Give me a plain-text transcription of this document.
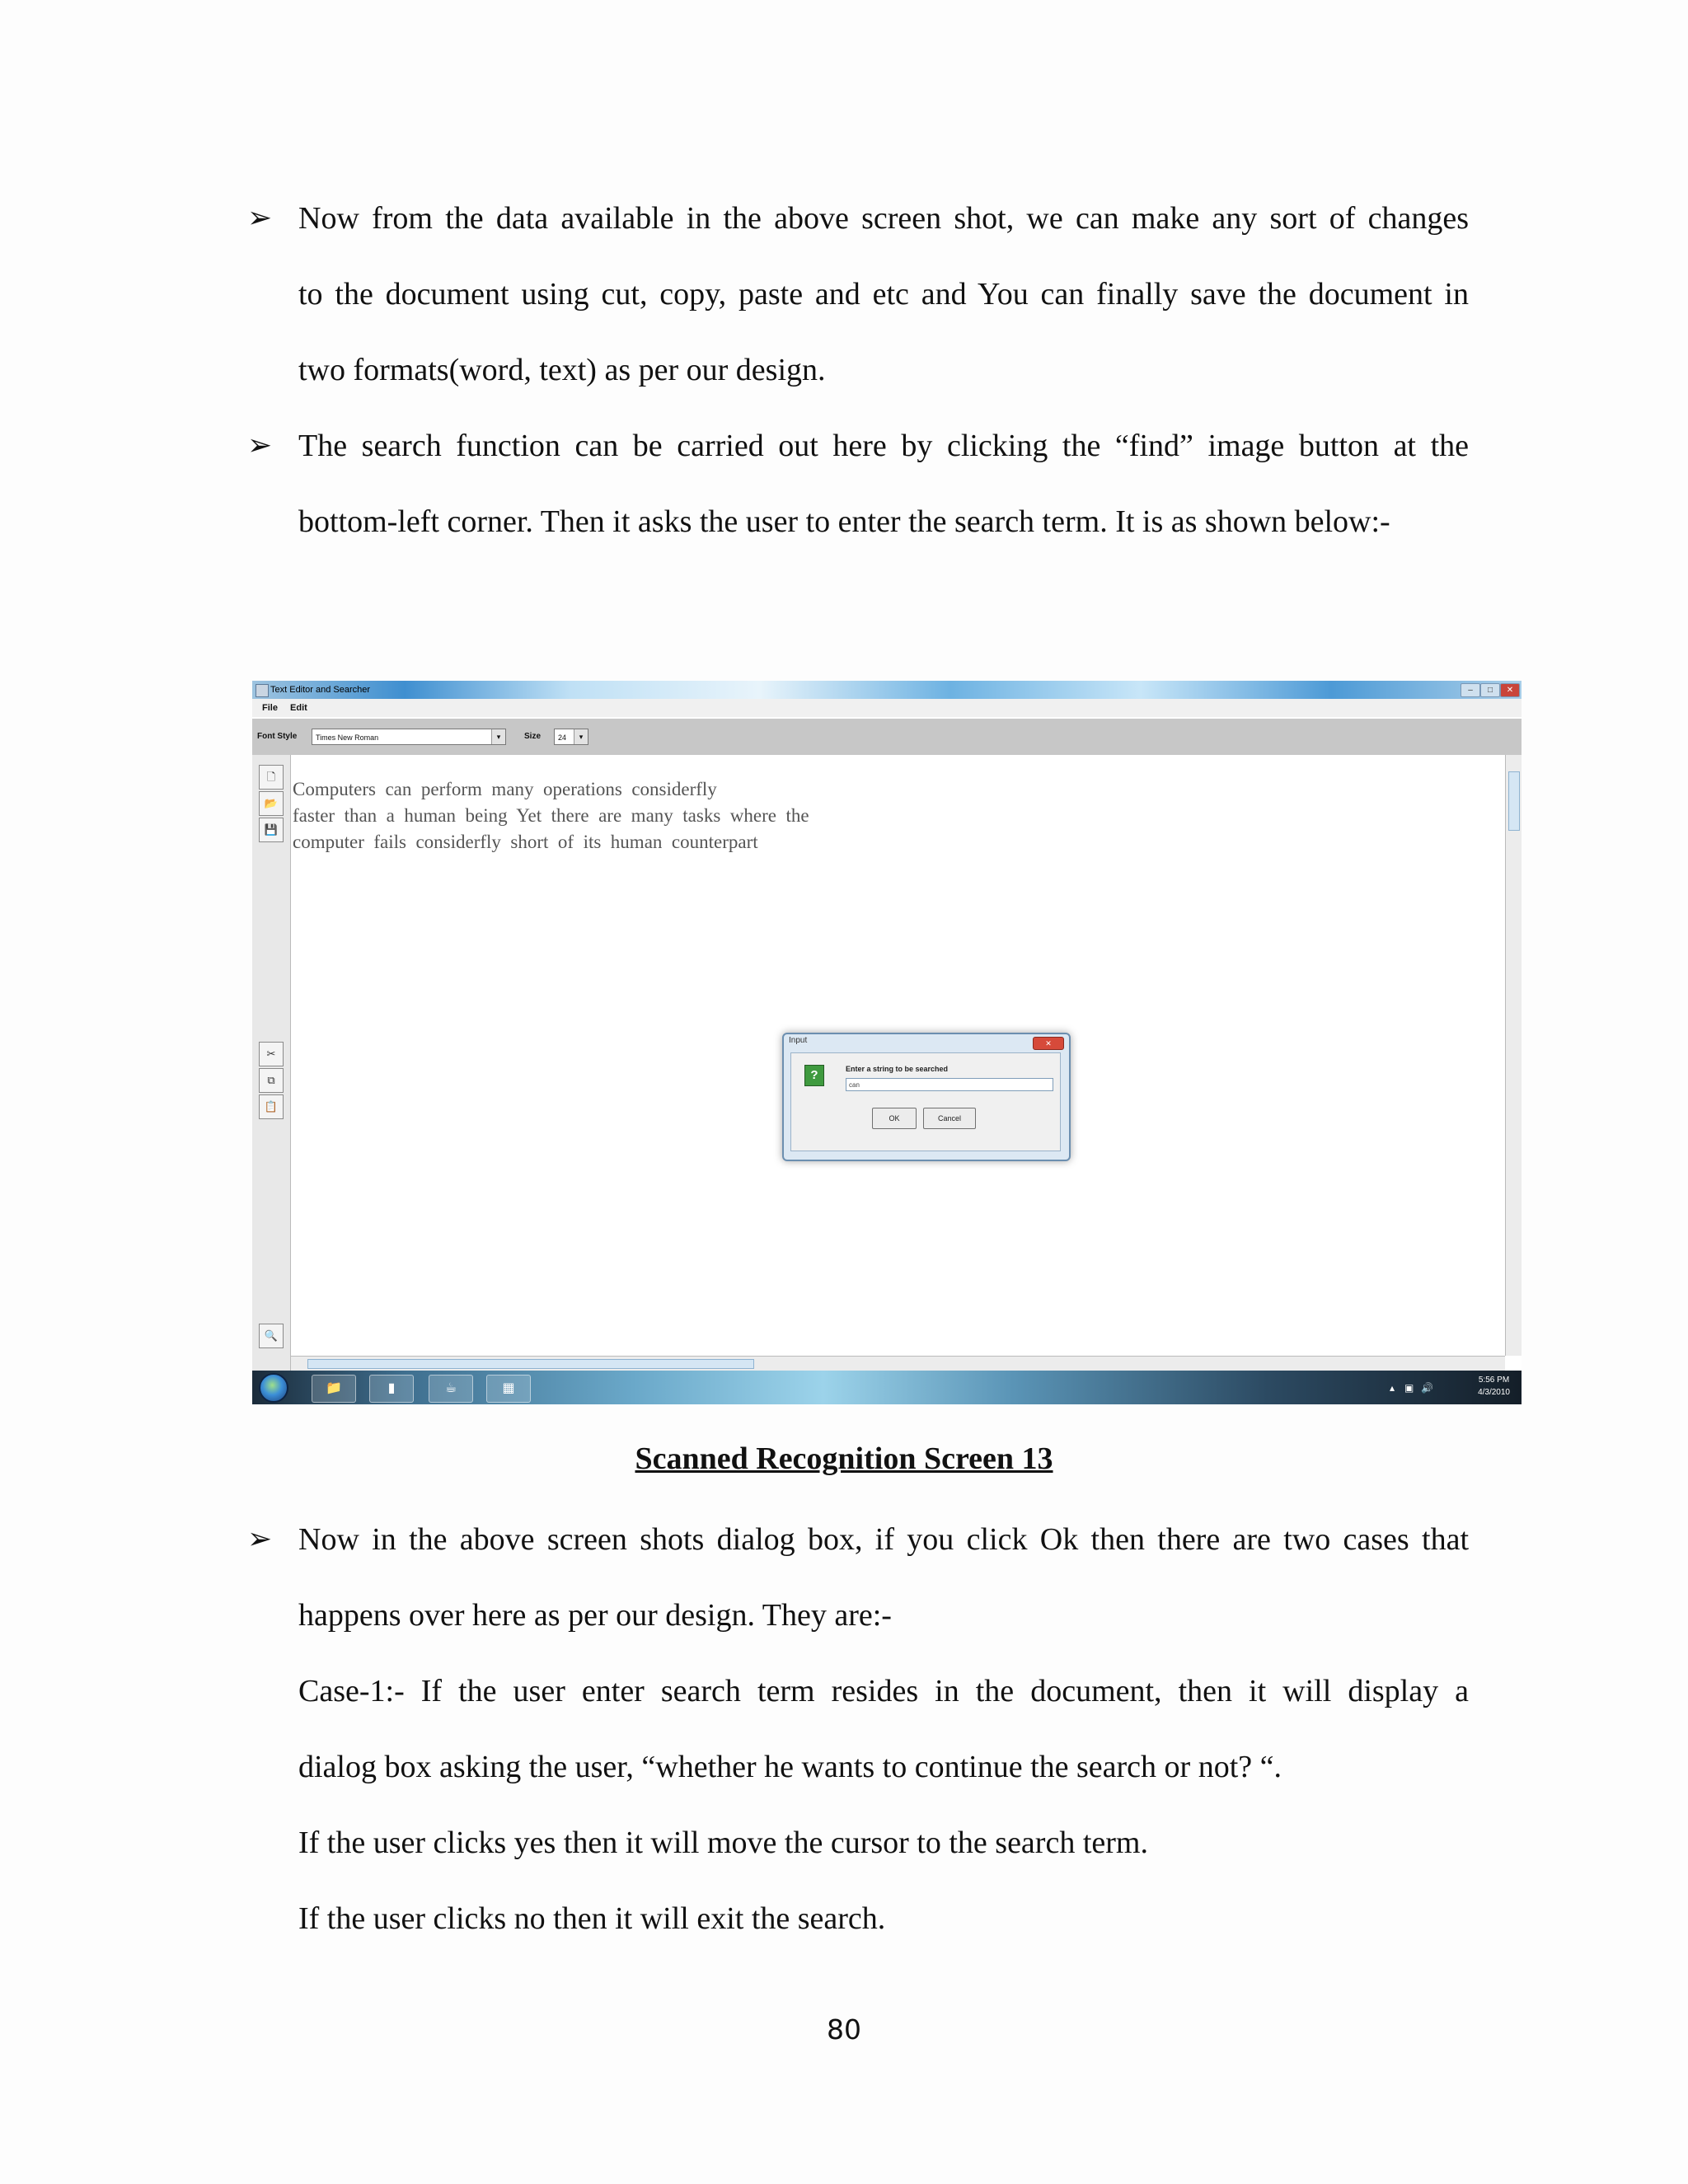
➢ Now from the data available in the above screen shot, we can make any sort of changes
to the document using cut, copy, paste and etc and You can finally save the document in
two formats(word, text) as per our design.
➢ The search function can be carried out here by clicking the “find” image button at the
bottom-left corner. Then it asks the user to enter the search term. It is as shown below:-
Text Editor and Searcher	–	□	✕
File Edit
Font Style	Times New Roman	▾	Size	24	▾
🗋
📂
💾
✂
⧉
📋
🔍
Computers  can  perform  many  operations  considerfly
faster  than  a  human  being  Yet  there  are  many  tasks  where  the
computer  fails  considerfly  short  of  its  human  counterpart
Input	✕
?	Enter a string to be searched
can
OK	Cancel
📁	▮	☕	▦	▴ ▣ 🔊
5:56 PM
4/3/2010
Scanned Recognition Screen 13
➢ Now in the above screen shots dialog box, if you click Ok then there are two cases that
happens over here as per our design. They are:-
Case-1:- If the user enter search term resides in the document, then it will display a
dialog box asking the user, “whether he wants to continue the search or not? “.
If the user clicks yes then it will move the cursor to the search term.
If the user clicks no then it will exit the search.
80
